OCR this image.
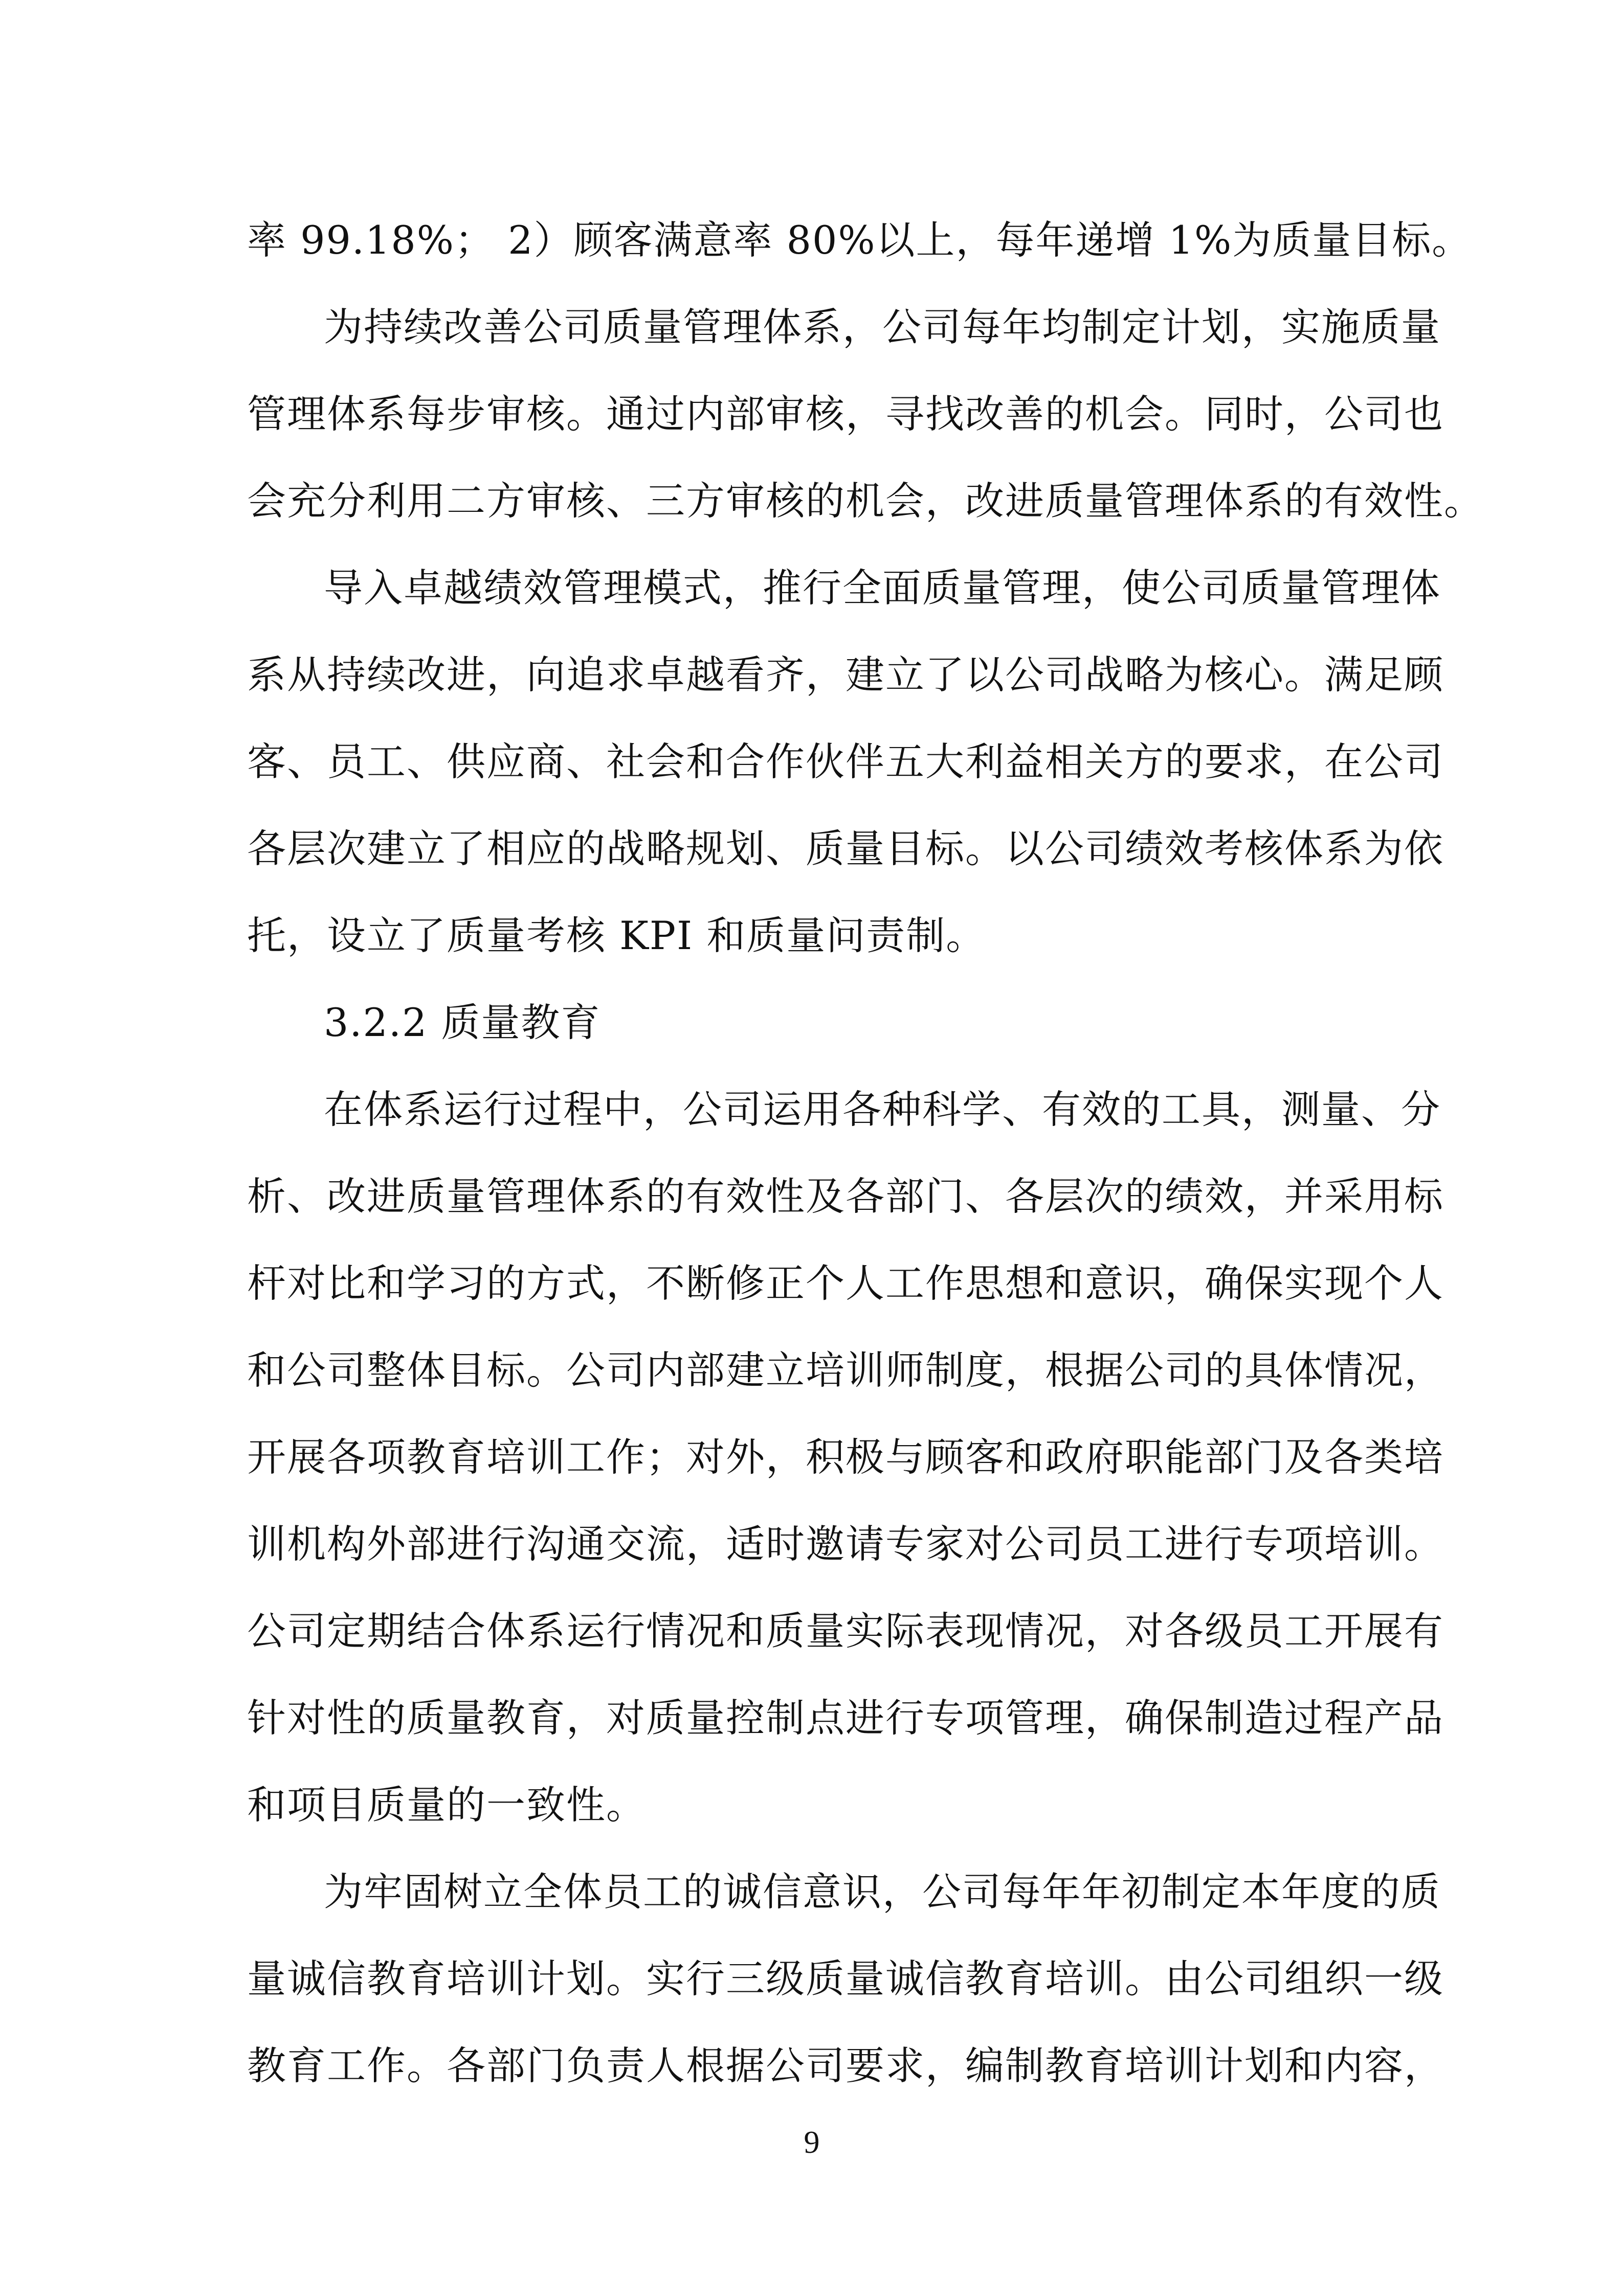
率 99.18%； 2）顾客满意率 80%以上，每年递增 1%为质量目标。
为持续改善公司质量管理体系，公司每年均制定计划，实施质量
管理体系每步审核。通过内部审核，寻找改善的机会。同时，公司也
会充分利用二方审核、三方审核的机会，改进质量管理体系的有效性。
导入卓越绩效管理模式，推行全面质量管理，使公司质量管理体
系从持续改进，向追求卓越看齐，建立了以公司战略为核心。满足顾
客、员工、供应商、社会和合作伙伴五大利益相关方的要求，在公司
各层次建立了相应的战略规划、质量目标。以公司绩效考核体系为依
托，设立了质量考核 KPI 和质量问责制。
3.2.2 质量教育
在体系运行过程中，公司运用各种科学、有效的工具，测量、分
析、改进质量管理体系的有效性及各部门、各层次的绩效，并采用标
杆对比和学习的方式，不断修正个人工作思想和意识，确保实现个人
和公司整体目标。公司内部建立培训师制度，根据公司的具体情况，
开展各项教育培训工作；对外，积极与顾客和政府职能部门及各类培
训机构外部进行沟通交流，适时邀请专家对公司员工进行专项培训。
公司定期结合体系运行情况和质量实际表现情况，对各级员工开展有
针对性的质量教育，对质量控制点进行专项管理，确保制造过程产品
和项目质量的一致性。
为牢固树立全体员工的诚信意识，公司每年年初制定本年度的质
量诚信教育培训计划。实行三级质量诚信教育培训。由公司组织一级
教育工作。各部门负责人根据公司要求，编制教育培训计划和内容，
9
